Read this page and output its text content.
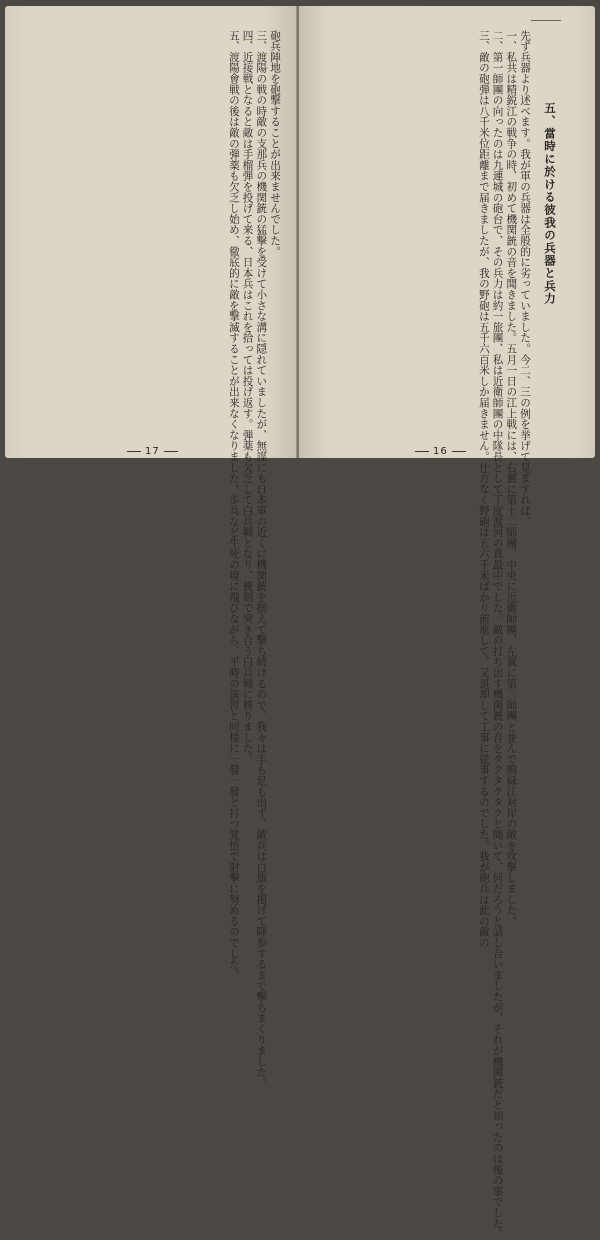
砲兵陣地を砲撃することが出来ませんでした。

三、渡陽の戦の時敵の支那兵の機関銃の猛撃を受けて小さな溝に隠れていましたが、無謀にも日本軍の近くに機関銃を据えて撃ち続けるので、我々は手も足も出ず、敵兵は白旗を掲げて降参するまで撃ちまくりました。

四、近接戦となると敵は手榴弾を投げて来る、日本兵はこれを拾っては投げ返す。弾薬も欠乏して白兵戦となり、銃剣で突き合う白兵戦に移りました。

五、渡陽會戦の後は敵の弾薬も欠乏し始め、徹底的に敵を撃滅することが出来なくなりました。歩兵など生死の境に飛びながら、平時の演習と同様に一發一發と打つ覚悟で射撃に努めるのでした。

17
五、當時に於ける彼我の兵器と兵力

先ず兵器より述べます。我が軍の兵器は全般的に劣っていました。今二、三の例を挙げて見ますれば、

一、私共は精鋭江の戦争の時、初めて機関銃の音を聞きました。五月一日の江上戦には、右翼に第十二師團、中央に近衛師團、左翼に第二師團と並んで鴨緑江対岸の敵を攻撃しました。

二、第一師團の向ったのは九連城の砲台で、その兵力は約一旅團、私は近衛師團の中隊長として丁度渡河の真最中でした。敵の打ち出す機関銃の音をタクタクタクと聞いて、何だろうと話し合いましたが、それが機関銃だと知ったのは後の事でした。

三、敵の砲弾は八千米位距離まで届きましたが、我の野砲は五千六百米しか届きません。仕方なく野砲は五六千米ばかり前進して、又退却して工事に従事するのでした。我が砲兵は此の敵の

16
